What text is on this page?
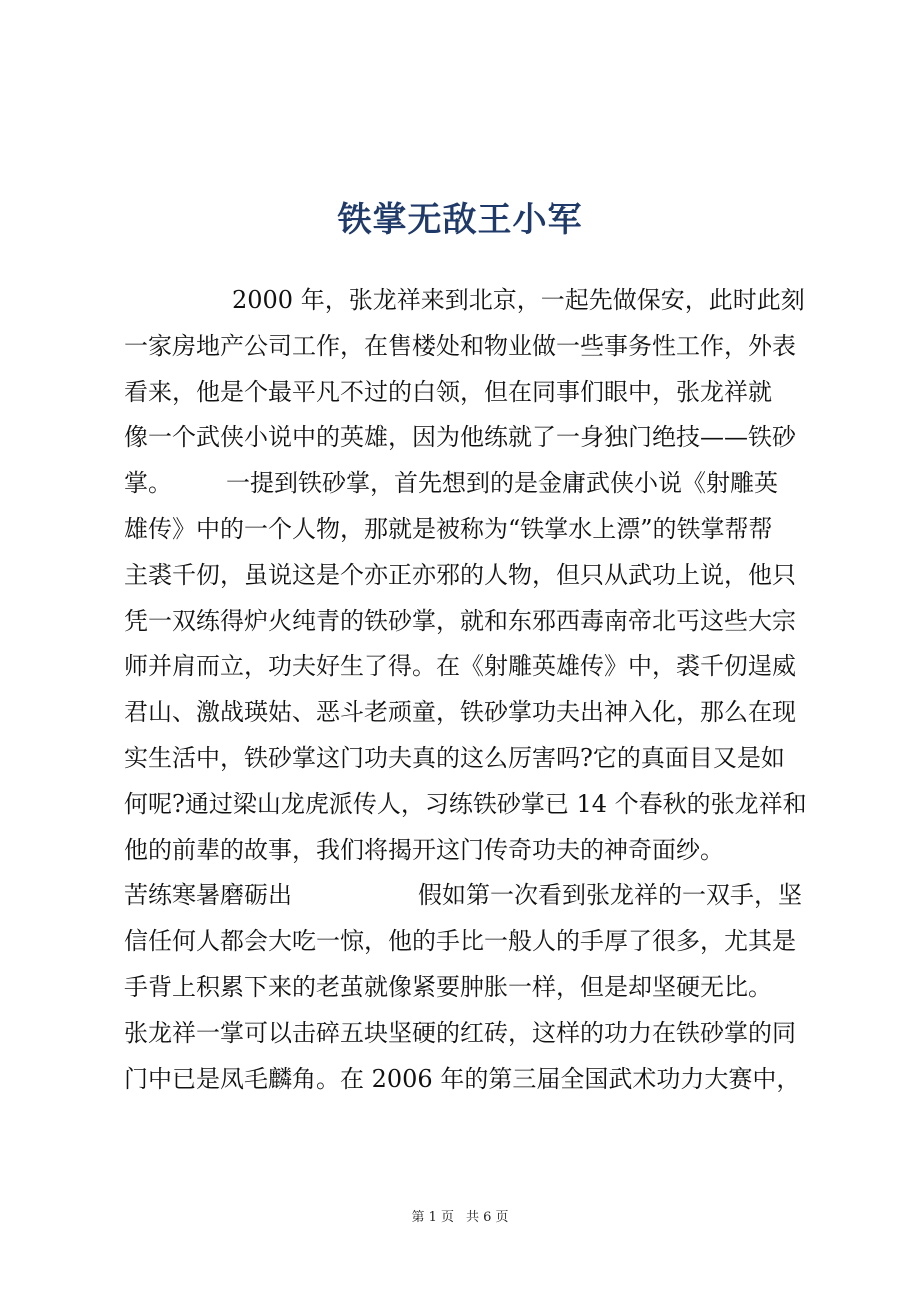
铁掌无敌王小军
2000 年，张龙祥来到北京，一起先做保安，此时此刻
一家房地产公司工作，在售楼处和物业做一些事务性工作，外表
看来，他是个最平凡不过的白领，但在同事们眼中，张龙祥就
像一个武侠小说中的英雄，因为他练就了一身独门绝技——铁砂
掌。 一提到铁砂掌，首先想到的是金庸武侠小说《射雕英
雄传》中的一个人物，那就是被称为“铁掌水上漂”的铁掌帮帮
主裘千仞，虽说这是个亦正亦邪的人物，但只从武功上说，他只
凭一双练得炉火纯青的铁砂掌，就和东邪西毒南帝北丐这些大宗
师并肩而立，功夫好生了得。在《射雕英雄传》中，裘千仞逞威
君山、激战瑛姑、恶斗老顽童，铁砂掌功夫出神入化，那么在现
实生活中，铁砂掌这门功夫真的这么厉害吗?它的真面目又是如
何呢?通过梁山龙虎派传人，习练铁砂掌已 14 个春秋的张龙祥和
他的前辈的故事，我们将揭开这门传奇功夫的神奇面纱。
苦练寒暑磨砺出	假如第一次看到张龙祥的一双手，坚
信任何人都会大吃一惊，他的手比一般人的手厚了很多，尤其是
手背上积累下来的老茧就像紧要肿胀一样，但是却坚硬无比。
张龙祥一掌可以击碎五块坚硬的红砖，这样的功力在铁砂掌的同
门中已是凤毛麟角。在 2006 年的第三届全国武术功力大赛中，
第 1 页 共 6 页
